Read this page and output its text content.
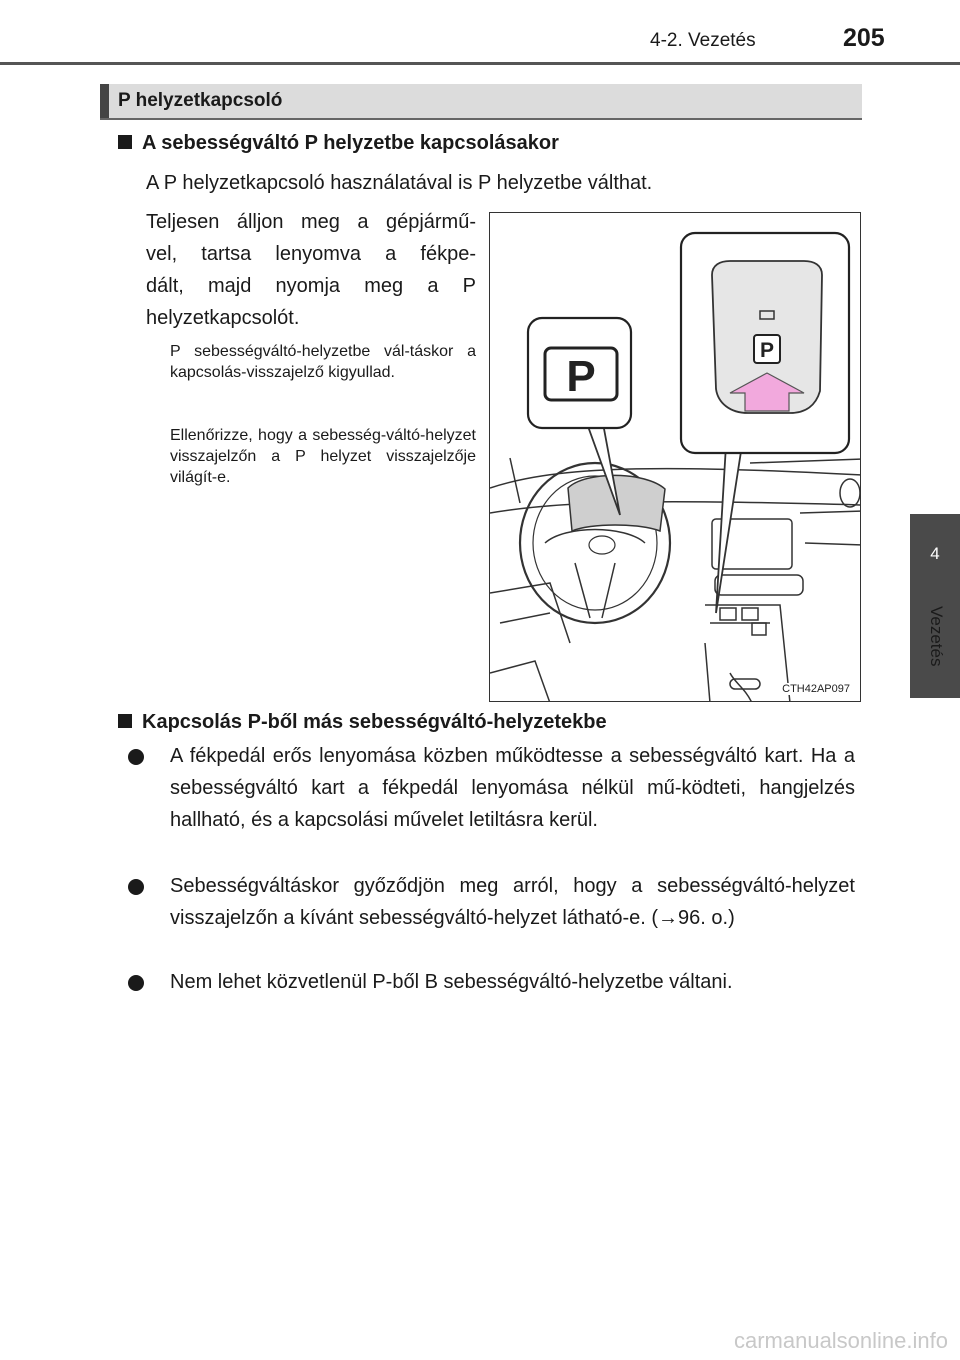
4-2. Vezetés	205
4
Vezetés
P helyzetkapcsoló
A sebességváltó P helyzetbe kapcsolásakor
A P helyzetkapcsoló használatával is P helyzetbe válthat.
Teljesen álljon meg a gépjármű-
vel, tartsa lenyomva a fékpe-
dált, majd nyomja meg a P
helyzetkapcsolót.
P sebességváltó-helyzetbe vál-táskor a kapcsolás-visszajelző kigyullad.
Ellenőrizze, hogy a sebesség-váltó-helyzet visszajelzőn a P helyzet visszajelzője világít-e.
P
P
CTH42AP097
Kapcsolás P-ből más sebességváltó-helyzetekbe
A fékpedál erős lenyomása közben működtesse a sebességváltó kart. Ha a sebességváltó kart a fékpedál lenyomása nélkül mű-ködteti, hangjelzés hallható, és a kapcsolási művelet letiltásra kerül.
Sebességváltáskor győződjön meg arról, hogy a sebességváltó-helyzet visszajelzőn a kívánt sebességváltó-helyzet látható-e. (→96. o.)
Nem lehet közvetlenül P-ből B sebességváltó-helyzetbe váltani.
carmanualsonline.info
